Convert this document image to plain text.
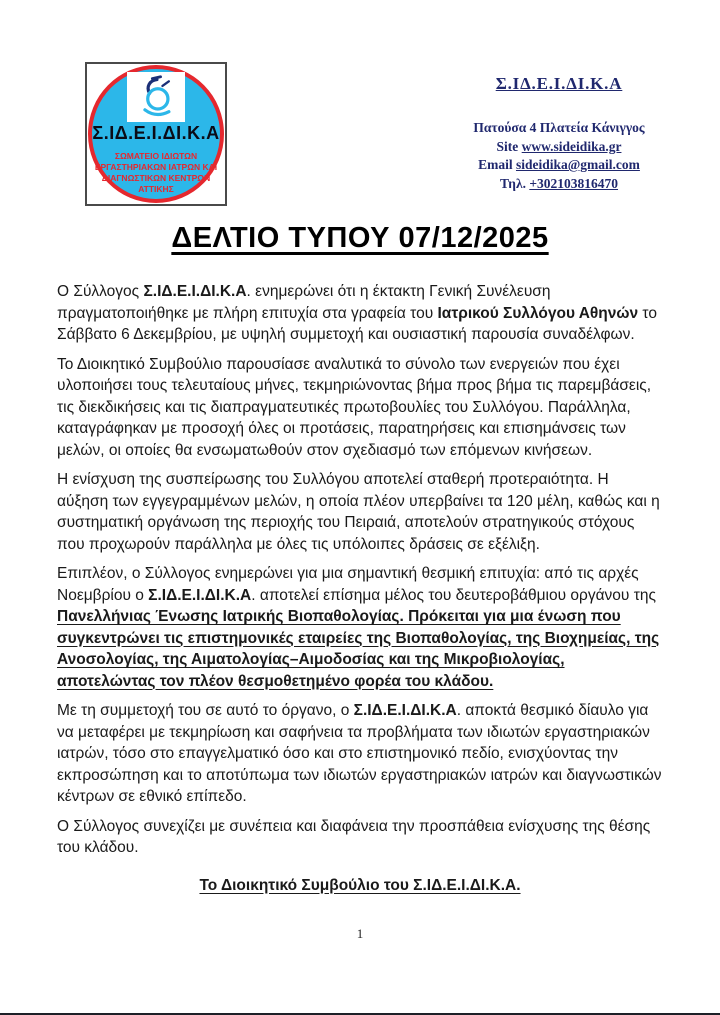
Σ.ΙΔ.Ε.Ι.ΔΙ.Κ.Α
ΣΩΜΑΤΕΙΟ ΙΔΙΩΤΩΝ
ΕΡΓΑΣΤΗΡΙΑΚΩΝ ΙΑΤΡΩΝ ΚΑΙ
ΔΙΑΓΝΩΣΤΙΚΩΝ ΚΕΝΤΡΩΝ
ΑΤΤΙΚΗΣ
Σ.ΙΔ.Ε.Ι.ΔΙ.Κ.Α
Πατούσα 4 Πλατεία Κάνιγγος
Site www.sideidika.gr
Email sideidika@gmail.com
Τηλ. +302103816470
ΔΕΛΤΙΟ ΤΥΠΟΥ 07/12/2025

Ο Σύλλογος Σ.ΙΔ.Ε.Ι.ΔΙ.Κ.Α. ενημερώνει ότι η έκτακτη Γενική Συνέλευση πραγματοποιήθηκε με πλήρη επιτυχία στα γραφεία του Ιατρικού Συλλόγου Αθηνών το Σάββατο 6 Δεκεμβρίου, με υψηλή συμμετοχή και ουσιαστική παρουσία συναδέλφων.

Το Διοικητικό Συμβούλιο παρουσίασε αναλυτικά το σύνολο των ενεργειών που έχει υλοποιήσει τους τελευταίους μήνες, τεκμηριώνοντας βήμα προς βήμα τις παρεμβάσεις, τις διεκδικήσεις και τις διαπραγματευτικές πρωτοβουλίες του Συλλόγου. Παράλληλα, καταγράφηκαν με προσοχή όλες οι προτάσεις, παρατηρήσεις και επισημάνσεις των μελών, οι οποίες θα ενσωματωθούν στον σχεδιασμό των επόμενων κινήσεων.

Η ενίσχυση της συσπείρωσης του Συλλόγου αποτελεί σταθερή προτεραιότητα. Η αύξηση των εγγεγραμμένων μελών, η οποία πλέον υπερβαίνει τα 120 μέλη, καθώς και η συστηματική οργάνωση της περιοχής του Πειραιά, αποτελούν στρατηγικούς στόχους που προχωρούν παράλληλα με όλες τις υπόλοιπες δράσεις σε εξέλιξη.

Επιπλέον, ο Σύλλογος ενημερώνει για μια σημαντική θεσμική επιτυχία: από τις αρχές Νοεμβρίου ο Σ.ΙΔ.Ε.Ι.ΔΙ.Κ.Α. αποτελεί επίσημα μέλος του δευτεροβάθμιου οργάνου της Πανελλήνιας Ένωσης Ιατρικής Βιοπαθολογίας. Πρόκειται για μια ένωση που συγκεντρώνει τις επιστημονικές εταιρείες της Βιοπαθολογίας, της Βιοχημείας, της Ανοσολογίας, της Αιματολογίας–Αιμοδοσίας και της Μικροβιολογίας, αποτελώντας τον πλέον θεσμοθετημένο φορέα του κλάδου.

Με τη συμμετοχή του σε αυτό το όργανο, ο Σ.ΙΔ.Ε.Ι.ΔΙ.Κ.Α. αποκτά θεσμικό δίαυλο για να μεταφέρει με τεκμηρίωση και σαφήνεια τα προβλήματα των ιδιωτών εργαστηριακών ιατρών, τόσο στο επαγγελματικό όσο και στο επιστημονικό πεδίο, ενισχύοντας την εκπροσώπηση και το αποτύπωμα των ιδιωτών εργαστηριακών ιατρών και διαγνωστικών κέντρων σε εθνικό επίπεδο.

Ο Σύλλογος συνεχίζει με συνέπεια και διαφάνεια την προσπάθεια ενίσχυσης της θέσης του κλάδου.

Το Διοικητικό Συμβούλιο του Σ.ΙΔ.Ε.Ι.ΔΙ.Κ.Α.
1
